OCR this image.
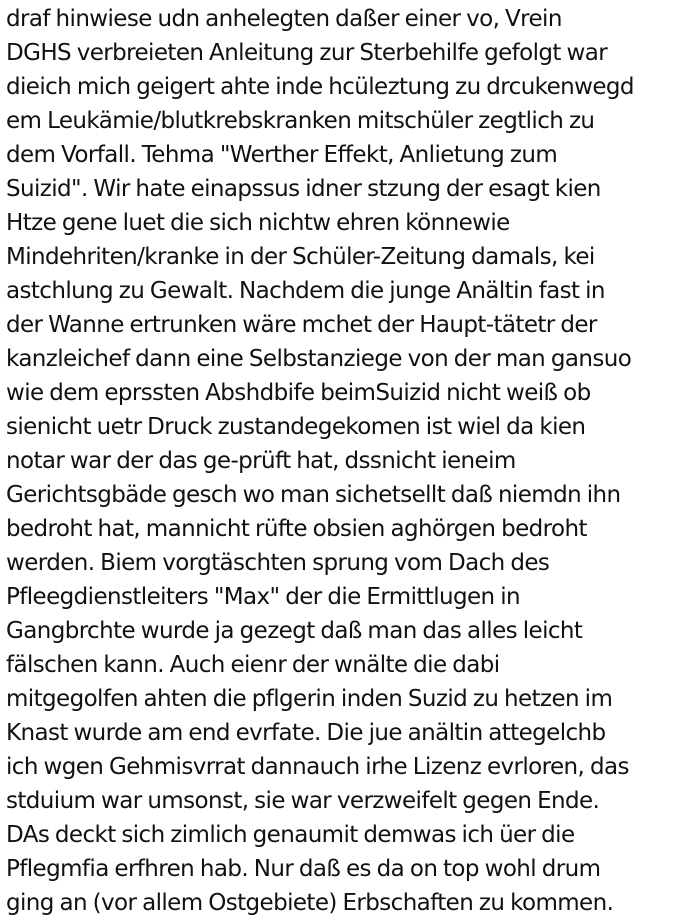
draf hinwiese udn anhelegten daßer einer vo, Vrein
DGHS verbreieten Anleitung zur Sterbehilfe gefolgt war
dieich mich geigert ahte inde hcüleztung zu drcukenwegd
em Leukämie/blutkrebskranken mitschüler zegtlich zu
dem Vorfall. Tehma "Werther Effekt, Anlietung zum
Suizid". Wir hate einapssus idner stzung der esagt kien
Htze gene luet die sich nichtw ehren könnewie
Mindehriten/kranke in der Schüler-Zeitung damals, kei
astchlung zu Gewalt. Nachdem die junge Anältin fast in
der Wanne ertrunken wäre mchet der Haupt-tätetr der
kanzleichef dann eine Selbstanziege von der man gansuo
wie dem eprssten Abshdbife beimSuizid nicht weiß ob
sienicht uetr Druck zustandegekomen ist wiel da kien
notar war der das ge-prüft hat, dssnicht ieneim
Gerichtsgbäde gesch wo man sichetsellt daß niemdn ihn
bedroht hat, mannicht rüfte obsien aghörgen bedroht
werden. Biem vorgtäschten sprung vom Dach des
Pfleegdienstleiters "Max" der die Ermittlugen in
Gangbrchte wurde ja gezegt daß man das alles leicht
fälschen kann. Auch eienr der wnälte die dabi
mitgegolfen ahten die pflgerin inden Suzid zu hetzen im
Knast wurde am end evrfate. Die jue anältin attegelchb
ich wgen Gehmisvrrat dannauch irhe Lizenz evrloren, das
stduium war umsonst, sie war verzweifelt gegen Ende.
DAs deckt sich zimlich genaumit demwas ich üer die
Pflegmfia erfhren hab. Nur daß es da on top wohl drum
ging an (vor allem Ostgebiete) Erbschaften zu kommen.
